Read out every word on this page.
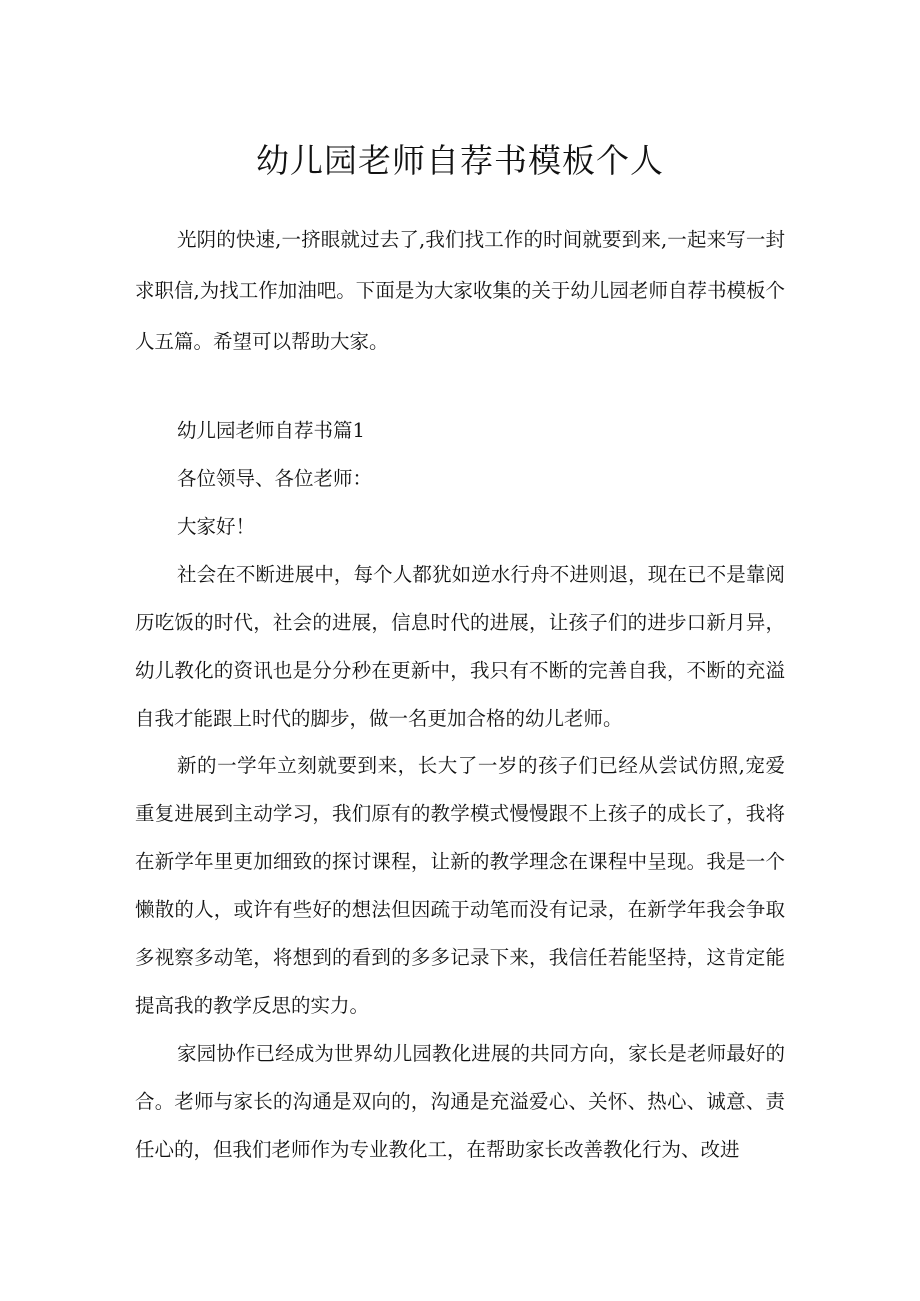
幼儿园老师自荐书模板个人

光阴的快速,一挤眼就过去了,我们找工作的时间就要到来,一起来写一封求职信,为找工作加油吧。下面是为大家收集的关于幼儿园老师自荐书模板个人五篇。希望可以帮助大家。

幼儿园老师自荐书篇1

各位领导、各位老师：

大家好！

社会在不断进展中，每个人都犹如逆水行舟不进则退，现在已不是靠阅历吃饭的时代，社会的进展，信息时代的进展，让孩子们的进步口新月异，幼儿教化的资讯也是分分秒在更新中，我只有不断的完善自我，不断的充溢自我才能跟上时代的脚步，做一名更加合格的幼儿老师。

新的一学年立刻就要到来，长大了一岁的孩子们已经从尝试仿照,宠爱重复进展到主动学习，我们原有的教学模式慢慢跟不上孩子的成长了，我将在新学年里更加细致的探讨课程，让新的教学理念在课程中呈现。我是一个懒散的人，或许有些好的想法但因疏于动笔而没有记录，在新学年我会争取多视察多动笔，将想到的看到的多多记录下来，我信任若能坚持，这肯定能提高我的教学反思的实力。

家园协作已经成为世界幼儿园教化进展的共同方向，家长是老师最好的合。老师与家长的沟通是双向的，沟通是充溢爱心、关怀、热心、诚意、责任心的，但我们老师作为专业教化工，在帮助家长改善教化行为、改进
